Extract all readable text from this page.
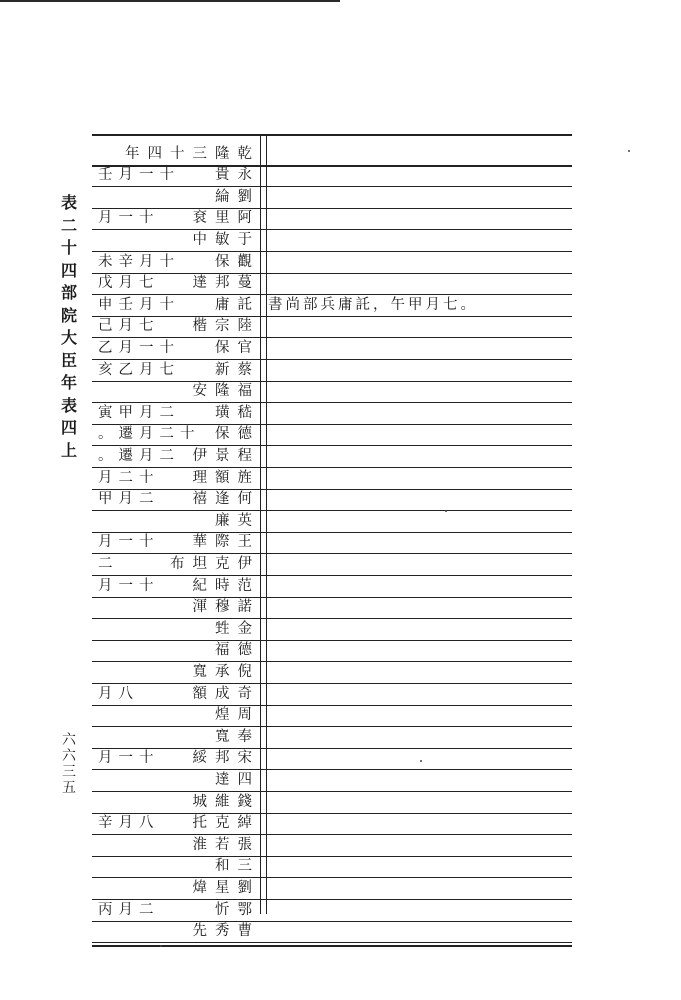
表二十四 部院大臣年表四上
六六三五
年四十三隆乾
貴永
壬月一十
綸劉
袞里阿
月一十
中敏于
保觀
未辛月十
達邦蔓
戊月七
庸託
申壬月十	書尚部兵庸託，午甲月七。
楷宗陸
己月七
保官
乙月一十
新蔡
亥乙月七
安隆福
璜嵇
寅甲月二
保德
。遷月二十
伊景程
。遷月二
理額旌
月二十
禧逢何
甲月二
廉英
華際王
月一十
布坦克伊
二
紀時范
月一十
渾穆諾
甡金
福德
寬承倪
額成奇
月八
煌周
寬奉
綏邦宋
月一十
達四
城維錢
托克綽
辛月八
淮若張
和三
煒星劉
忻鄂
丙月二
先秀曹
